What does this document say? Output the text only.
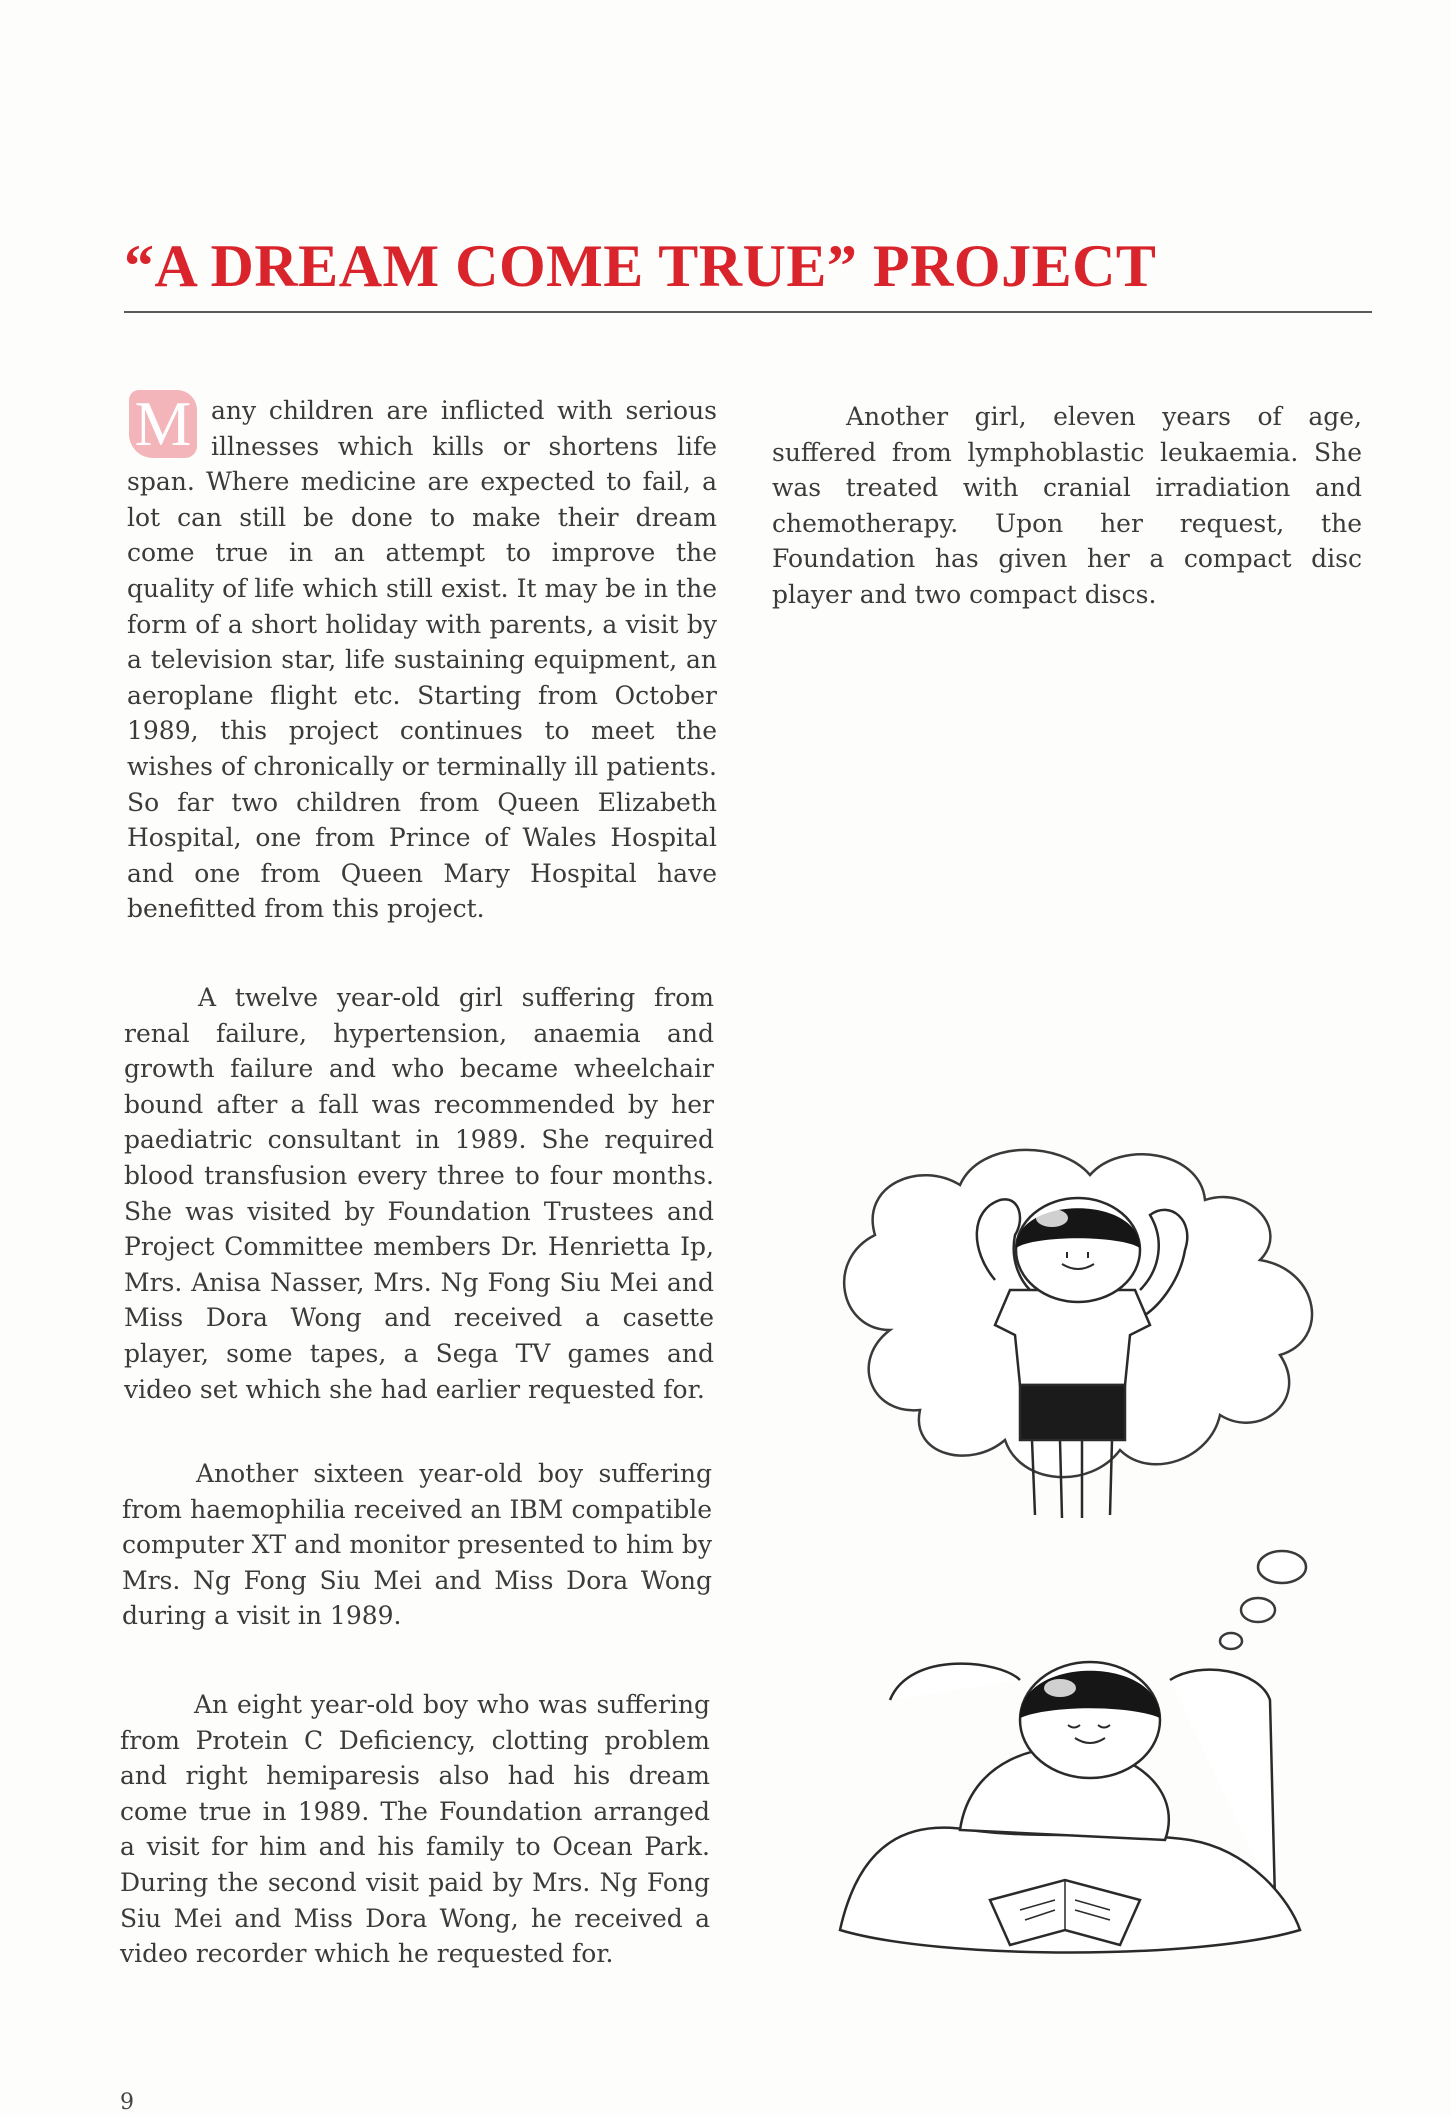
“A DREAM COME TRUE” PROJECT

M any children are inflicted with serious illnesses which kills or shortens life span. Where medicine are expected to fail, a lot can still be done to make their dream come true in an attempt to improve the quality of life which still exist. It may be in the form of a short holiday with parents, a visit by a television star, life sustaining equipment, an aeroplane flight etc. Starting from October 1989, this project continues to meet the wishes of chronically or terminally ill patients. So far two children from Queen Elizabeth Hospital, one from Prince of Wales Hospital and one from Queen Mary Hospital have benefitted from this project.

A twelve year-old girl suffering from renal failure, hypertension, anaemia and growth failure and who became wheelchair bound after a fall was recommended by her paediatric consultant in 1989. She required blood transfusion every three to four months. She was visited by Foundation Trustees and Project Committee members Dr. Henrietta Ip, Mrs. Anisa Nasser, Mrs. Ng Fong Siu Mei and Miss Dora Wong and received a casette player, some tapes, a Sega TV games and video set which she had earlier requested for.

Another sixteen year-old boy suffering from haemophilia received an IBM compatible computer XT and monitor presented to him by Mrs. Ng Fong Siu Mei and Miss Dora Wong during a visit in 1989.

An eight year-old boy who was suffering from Protein C Deficiency, clotting problem and right hemiparesis also had his dream come true in 1989. The Foundation arranged a visit for him and his family to Ocean Park. During the second visit paid by Mrs. Ng Fong Siu Mei and Miss Dora Wong, he received a video recorder which he requested for.

Another girl, eleven years of age, suffered from lymphoblastic leukaemia. She was treated with cranial irradiation and chemotherapy. Upon her request, the Foundation has given her a compact disc player and two compact discs.

9
